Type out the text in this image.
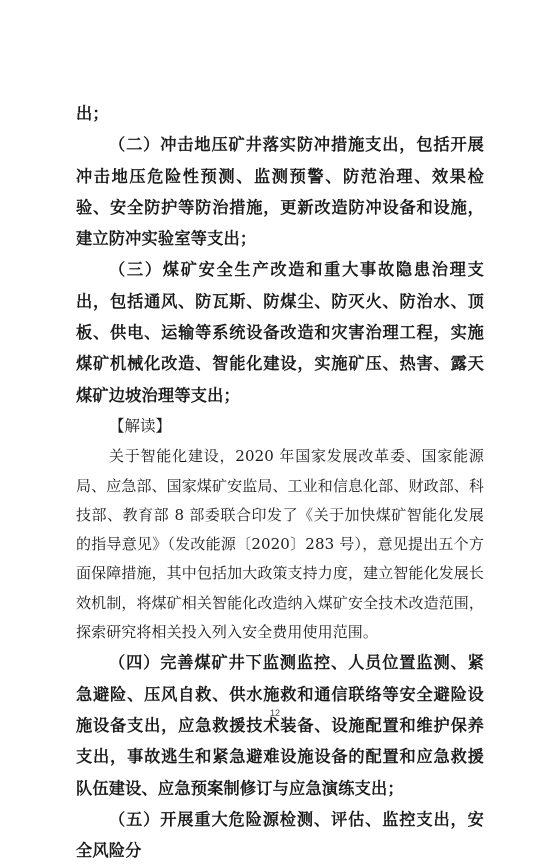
出；

（二）冲击地压矿井落实防冲措施支出，包括开展冲击地压危险性预测、监测预警、防范治理、效果检验、安全防护等防治措施，更新改造防冲设备和设施，建立防冲实验室等支出；

（三）煤矿安全生产改造和重大事故隐患治理支出，包括通风、防瓦斯、防煤尘、防灭火、防治水、顶板、供电、运输等系统设备改造和灾害治理工程，实施煤矿机械化改造、智能化建设，实施矿压、热害、露天煤矿边坡治理等支出；

【解读】

关于智能化建设，2020 年国家发展改革委、国家能源局、应急部、国家煤矿安监局、工业和信息化部、财政部、科技部、教育部 8 部委联合印发了《关于加快煤矿智能化发展的指导意见》（发改能源〔2020〕283 号），意见提出五个方面保障措施，其中包括加大政策支持力度，建立智能化发展长效机制，将煤矿相关智能化改造纳入煤矿安全技术改造范围，探索研究将相关投入列入安全费用使用范围。

（四）完善煤矿井下监测监控、人员位置监测、紧急避险、压风自救、供水施救和通信联络等安全避险设施设备支出，应急救援技术装备、设施配置和维护保养支出，事故逃生和紧急避难设施设备的配置和应急救援队伍建设、应急预案制修订与应急演练支出；

（五）开展重大危险源检测、评估、监控支出，安全风险分

12
